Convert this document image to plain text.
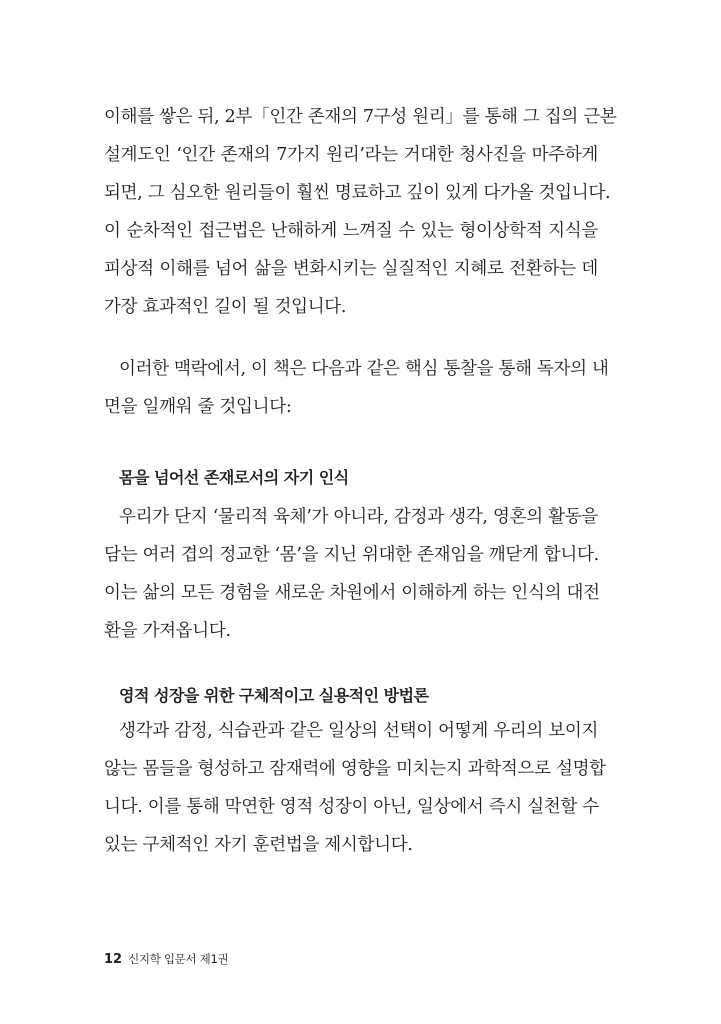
이해를 쌓은 뒤, 2부「인간 존재의 7구성 원리」를 통해 그 집의 근본

설계도인 ‘인간 존재의 7가지 원리’라는 거대한 청사진을 마주하게

되면, 그 심오한 원리들이 훨씬 명료하고 깊이 있게 다가올 것입니다.

이 순차적인 접근법은 난해하게 느껴질 수 있는 형이상학적 지식을

피상적 이해를 넘어 삶을 변화시키는 실질적인 지혜로 전환하는 데

가장 효과적인 길이 될 것입니다.

이러한 맥락에서, 이 책은 다음과 같은 핵심 통찰을 통해 독자의 내

면을 일깨워 줄 것입니다:

몸을 넘어선 존재로서의 자기 인식

우리가 단지 ‘물리적 육체’가 아니라, 감정과 생각, 영혼의 활동을

담는 여러 겹의 정교한 ‘몸’을 지닌 위대한 존재임을 깨닫게 합니다.

이는 삶의 모든 경험을 새로운 차원에서 이해하게 하는 인식의 대전

환을 가져옵니다.

영적 성장을 위한 구체적이고 실용적인 방법론

생각과 감정, 식습관과 같은 일상의 선택이 어떻게 우리의 보이지

않는 몸들을 형성하고 잠재력에 영향을 미치는지 과학적으로 설명합

니다. 이를 통해 막연한 영적 성장이 아닌, 일상에서 즉시 실천할 수

있는 구체적인 자기 훈련법을 제시합니다.

12 신지학 입문서 제1권
